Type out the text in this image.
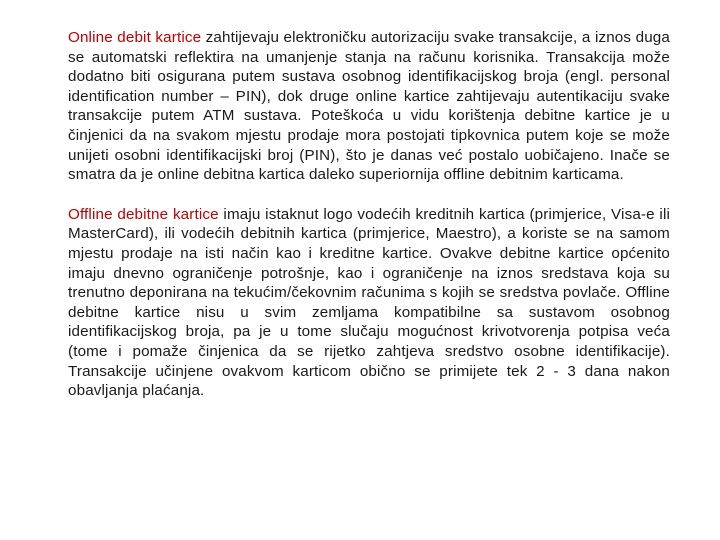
Online debit kartice zahtijevaju elektroničku autorizaciju svake transakcije, a iznos duga se automatski reflektira na umanjenje stanja na računu korisnika. Transakcija može dodatno biti osigurana putem sustava osobnog identifikacijskog broja (engl. personal identification number – PIN), dok druge online kartice zahtijevaju autentikaciju svake transakcije putem ATM sustava. Poteškoća u vidu korištenja debitne kartice je u činjenici da na svakom mjestu prodaje mora postojati tipkovnica putem koje se može unijeti osobni identifikacijski broj (PIN), što je danas već postalo uobičajeno. Inače se smatra da je online debitna kartica daleko superiornija offline debitnim karticama.

Offline debitne kartice imaju istaknut logo vodećih kreditnih kartica (primjerice, Visa-e ili MasterCard), ili vodećih debitnih kartica (primjerice, Maestro), a koriste se na samom mjestu prodaje na isti način kao i kreditne kartice. Ovakve debitne kartice općenito imaju dnevno ograničenje potrošnje, kao i ograničenje na iznos sredstava koja su trenutno deponirana na tekućim/čekovnim računima s kojih se sredstva povlače. Offline debitne kartice nisu u svim zemljama kompatibilne sa sustavom osobnog identifikacijskog broja, pa je u tome slučaju mogućnost krivotvorenja potpisa veća (tome i pomaže činjenica da se rijetko zahtjeva sredstvo osobne identifikacije). Transakcije učinjene ovakvom karticom obično se primijete tek 2 - 3 dana nakon obavljanja plaćanja.
